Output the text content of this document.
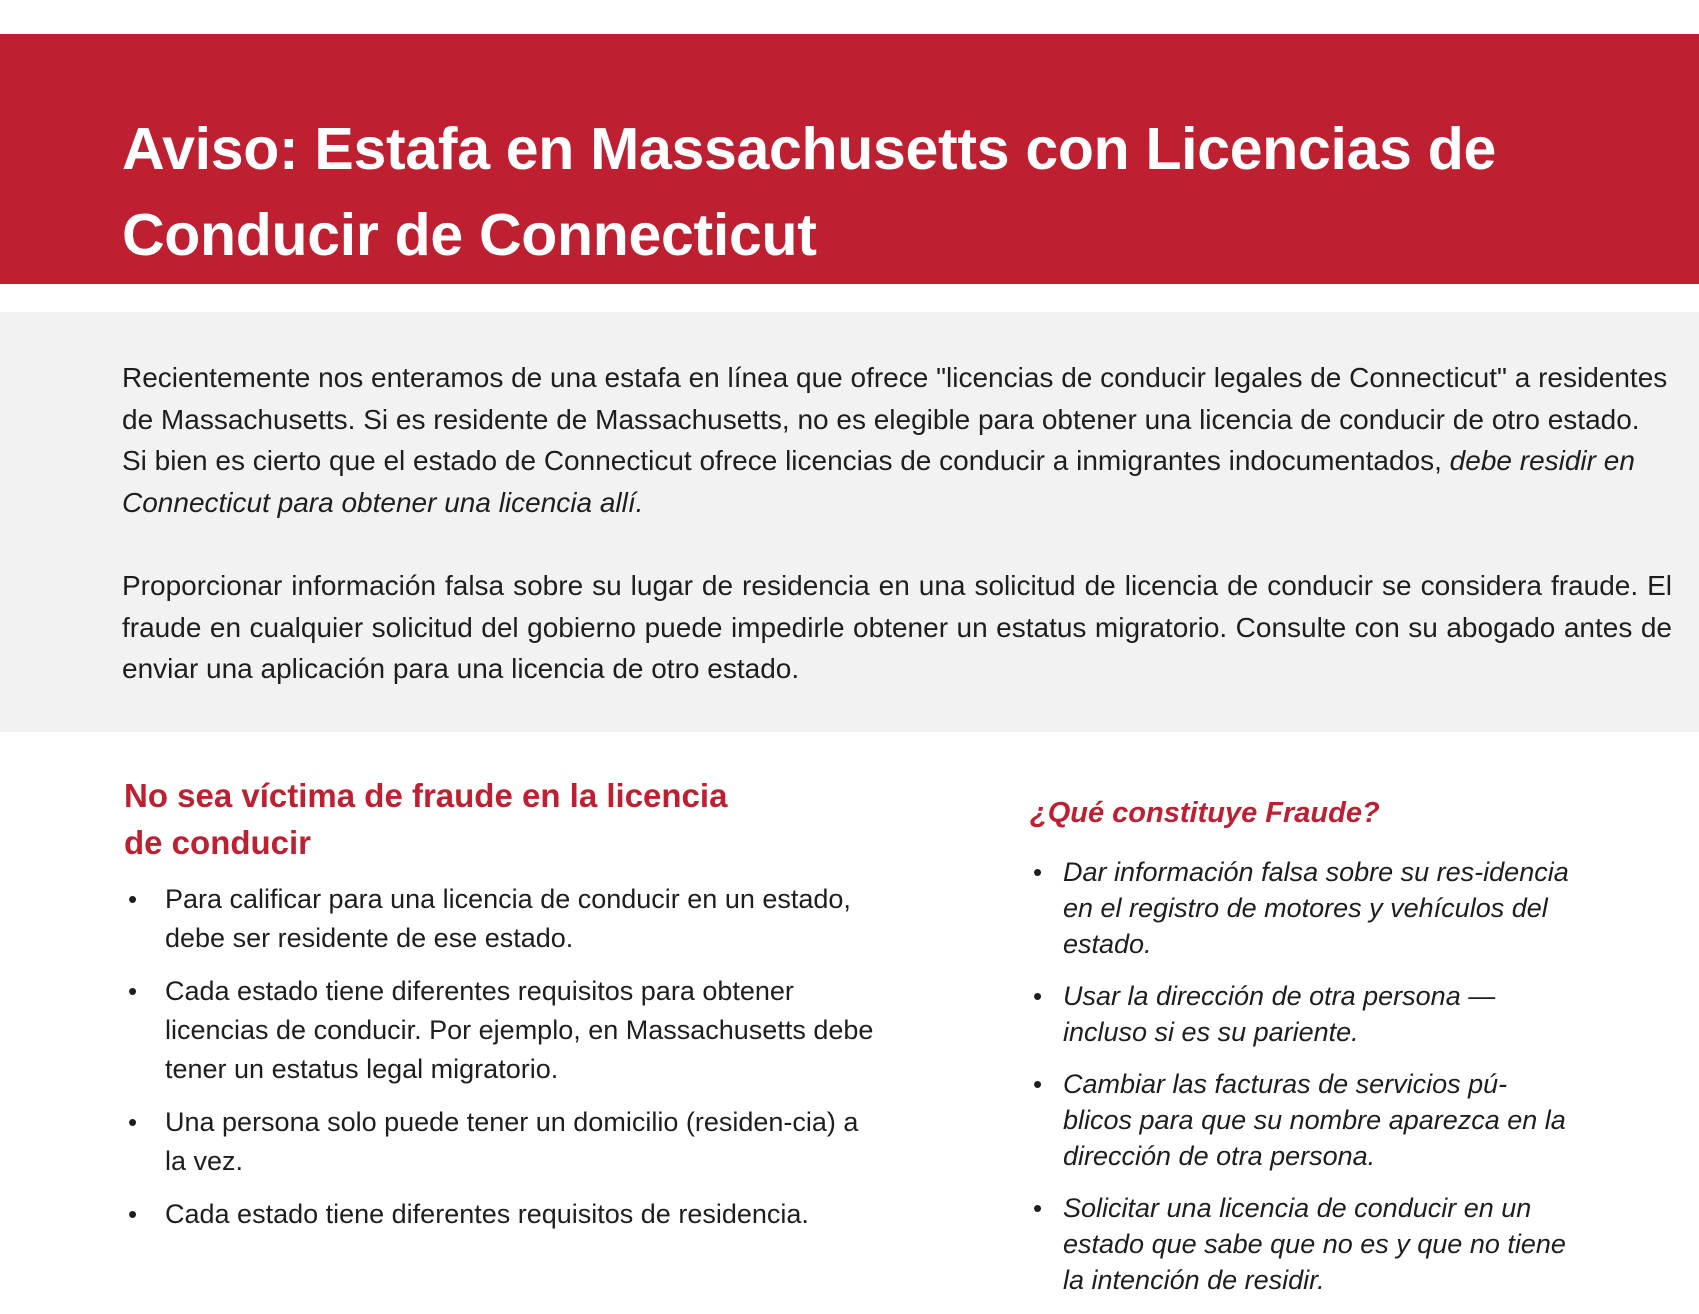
Aviso: Estafa en Massachusetts con Licencias de Conducir de Connecticut

Recientemente nos enteramos de una estafa en línea que ofrece "licencias de conducir legales de Connecticut" a residentes de Massachusetts. Si es residente de Massachusetts, no es elegible para obtener una licencia de conducir de otro estado. Si bien es cierto que el estado de Connecticut ofrece licencias de conducir a inmigrantes indocumentados, debe residir en Connecticut para obtener una licencia allí.

Proporcionar información falsa sobre su lugar de residencia en una solicitud de licencia de conducir se considera fraude. El fraude en cualquier solicitud del gobierno puede impedirle obtener un estatus migratorio. Consulte con su abogado antes de enviar una aplicación para una licencia de otro estado.

No sea víctima de fraude en la licencia de conducir
• Para calificar para una licencia de conducir en un estado, debe ser residente de ese estado.
• Cada estado tiene diferentes requisitos para obtener licencias de conducir. Por ejemplo, en Massachusetts debe tener un estatus legal migratorio.
• Una persona solo puede tener un domicilio (residen-cia) a la vez.
• Cada estado tiene diferentes requisitos de residencia.
¿Qué constituye Fraude?
• Dar información falsa sobre su res-idencia en el registro de motores y vehículos del estado.
• Usar la dirección de otra persona — incluso si es su pariente.
• Cambiar las facturas de servicios pú-blicos para que su nombre aparezca en la dirección de otra persona.
• Solicitar una licencia de conducir en un estado que sabe que no es y que no tiene la intención de residir.
